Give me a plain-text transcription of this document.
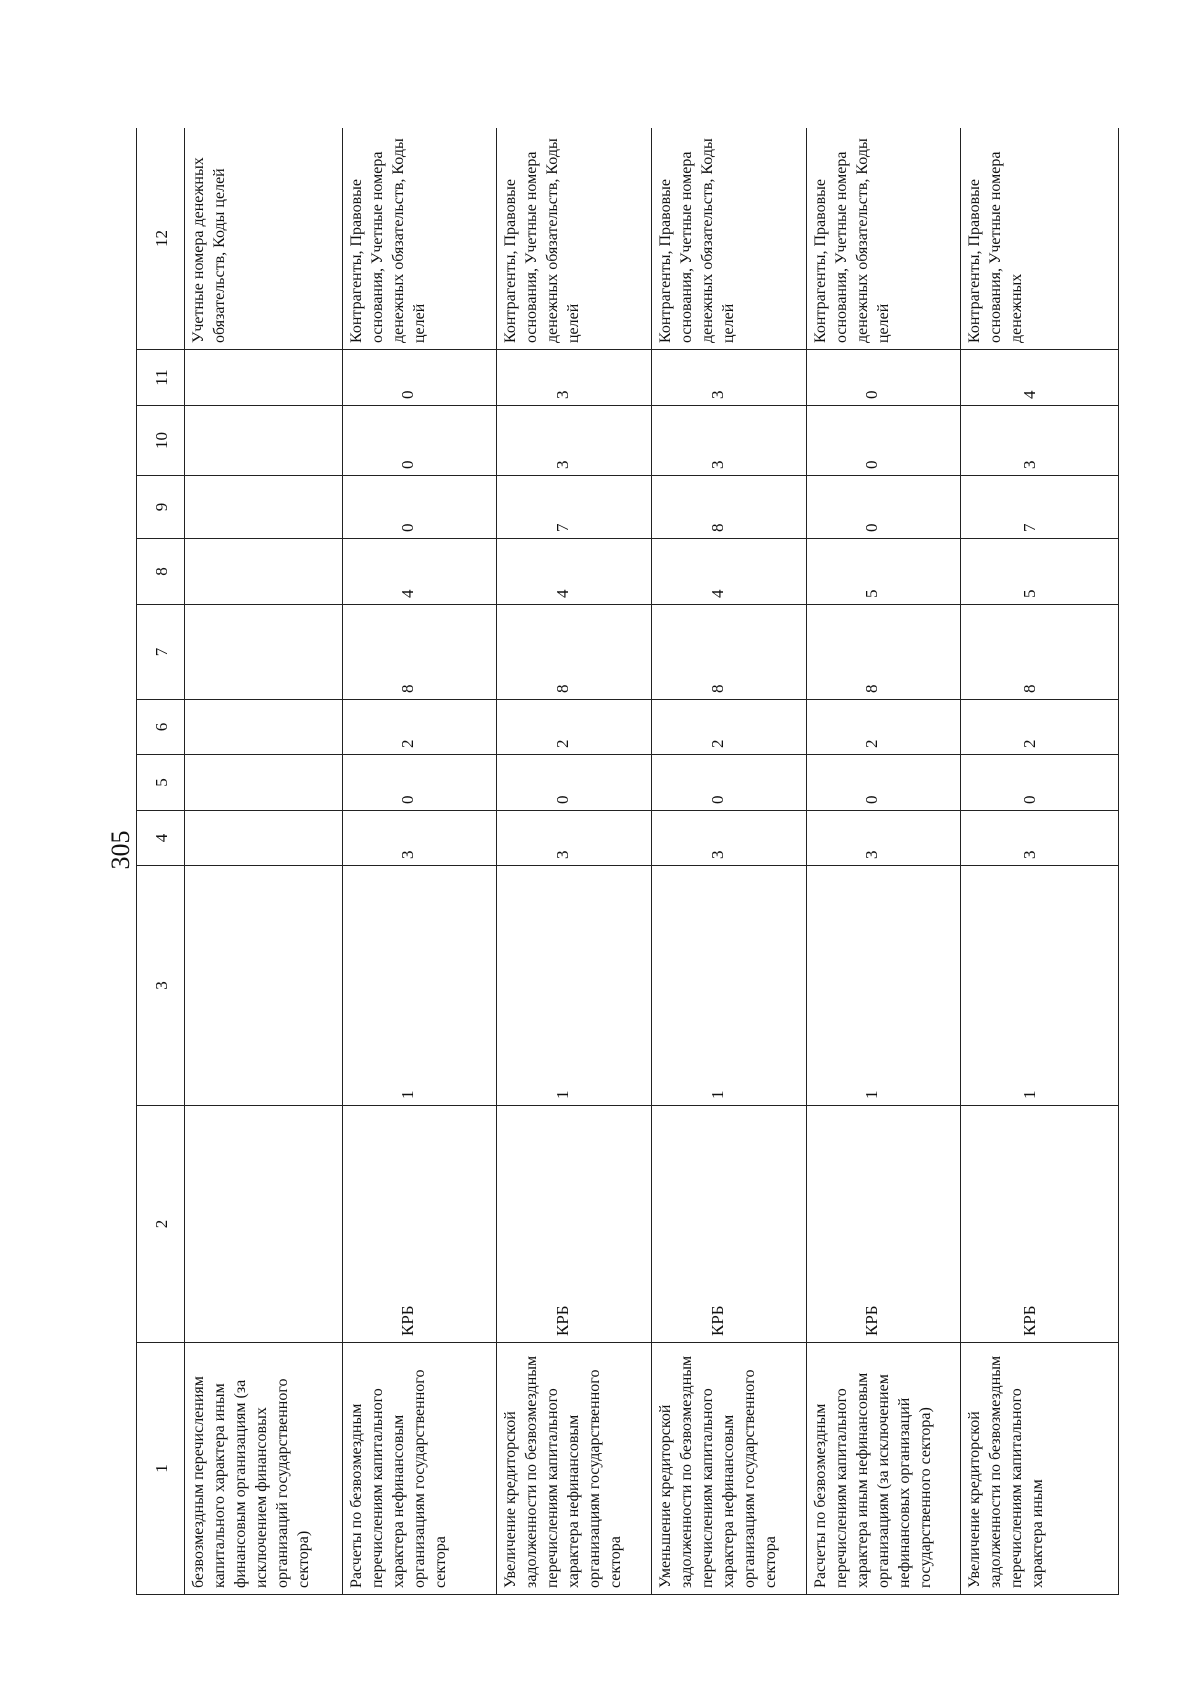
305
1	2	3	4	5	6	7	8	9	10	11	12
безвозмездным перечислениям капитального характера иным финансовым организациям (за исключением финансовых организаций государственного сектора)											Учетные номера денежных обязательств, Коды целей
Расчеты по безвозмездным перечислениям капитального характера нефинансовым организациям государственного сектора	КРБ	1	3	0	2	8	4	0	0	0	Контрагенты, Правовые основания, Учетные номера денежных обязательств, Коды целей
Увеличение кредиторской задолженности по безвозмездным перечислениям капитального характера нефинансовым организациям государственного сектора	КРБ	1	3	0	2	8	4	7	3	3	Контрагенты, Правовые основания, Учетные номера денежных обязательств, Коды целей
Уменьшение кредиторской задолженности по безвозмездным перечислениям капитального характера нефинансовым организациям государственного сектора	КРБ	1	3	0	2	8	4	8	3	3	Контрагенты, Правовые основания, Учетные номера денежных обязательств, Коды целей
Расчеты по безвозмездным перечислениям капитального характера иным нефинансовым организациям (за исключением нефинансовых организаций государственного сектора)	КРБ	1	3	0	2	8	5	0	0	0	Контрагенты, Правовые основания, Учетные номера денежных обязательств, Коды целей
Увеличение кредиторской задолженности по безвозмездным перечислениям капитального характера иным	КРБ	1	3	0	2	8	5	7	3	4	Контрагенты, Правовые основания, Учетные номера денежных
